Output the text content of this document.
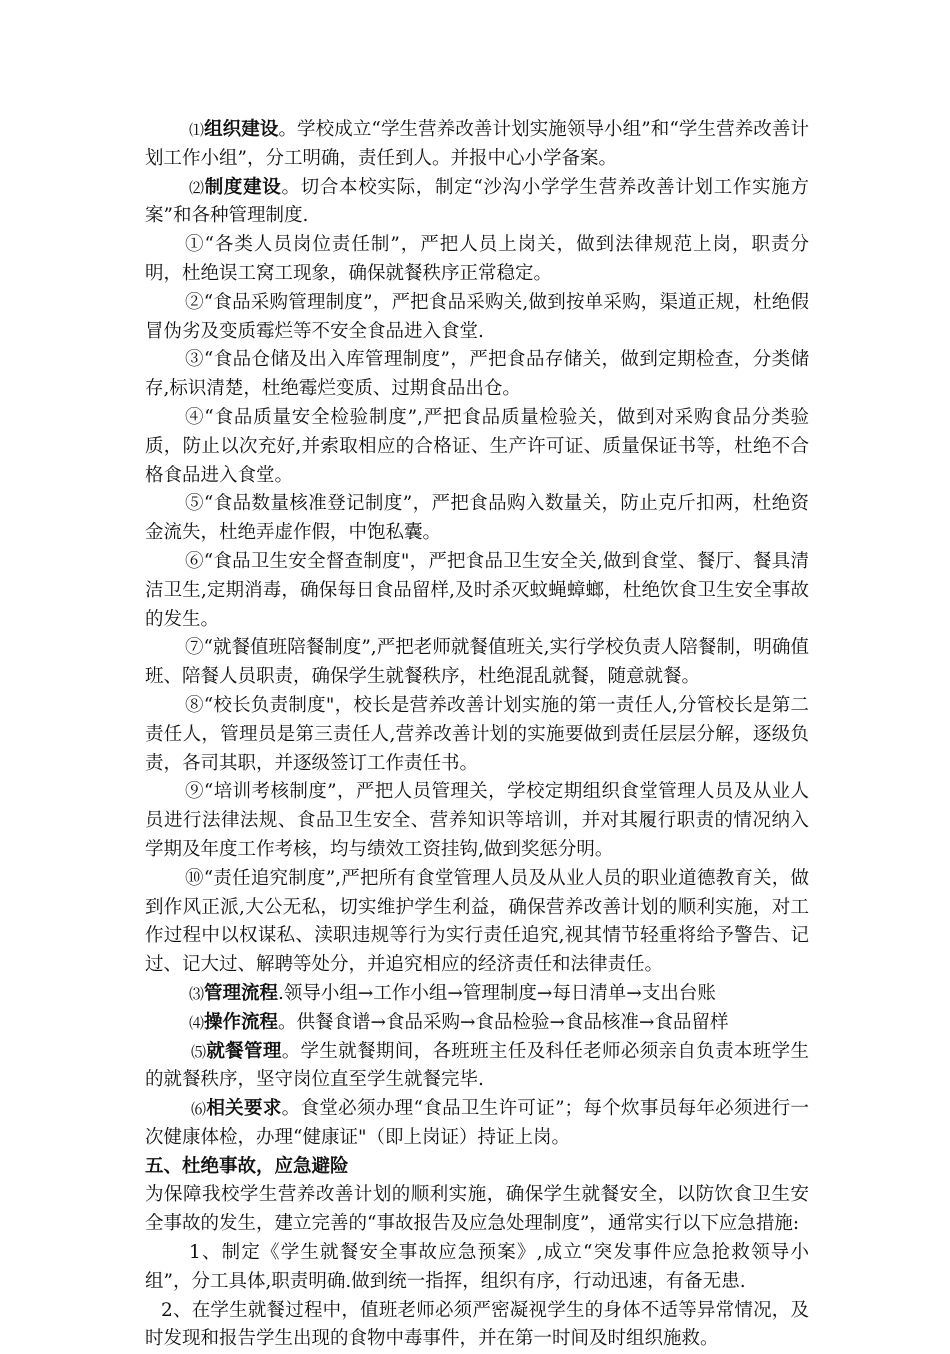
⑴组织建设。学校成立“学生营养改善计划实施领导小组”和“学生营养改善计划工作小组”，分工明确，责任到人。并报中心小学备案。

⑵制度建设。切合本校实际，制定“沙沟小学学生营养改善计划工作实施方案”和各种管理制度.

①“各类人员岗位责任制”，严把人员上岗关，做到法律规范上岗，职责分明，杜绝误工窝工现象，确保就餐秩序正常稳定。

②“食品采购管理制度”，严把食品采购关,做到按单采购，渠道正规，杜绝假冒伪劣及变质霉烂等不安全食品进入食堂.

③“食品仓储及出入库管理制度”，严把食品存储关，做到定期检查，分类储存,标识清楚，杜绝霉烂变质、过期食品出仓。

④“食品质量安全检验制度”,严把食品质量检验关，做到对采购食品分类验质，防止以次充好,并索取相应的合格证、生产许可证、质量保证书等，杜绝不合格食品进入食堂。

⑤“食品数量核准登记制度”，严把食品购入数量关，防止克斤扣两，杜绝资金流失，杜绝弄虚作假，中饱私囊。

⑥“食品卫生安全督查制度"，严把食品卫生安全关,做到食堂、餐厅、餐具清洁卫生,定期消毒，确保每日食品留样,及时杀灭蚊蝇蟑螂，杜绝饮食卫生安全事故的发生。

⑦“就餐值班陪餐制度”,严把老师就餐值班关,实行学校负责人陪餐制，明确值班、陪餐人员职责，确保学生就餐秩序，杜绝混乱就餐，随意就餐。

⑧“校长负责制度"，校长是营养改善计划实施的第一责任人,分管校长是第二责任人，管理员是第三责任人,营养改善计划的实施要做到责任层层分解，逐级负责，各司其职，并逐级签订工作责任书。

⑨“培训考核制度”，严把人员管理关，学校定期组织食堂管理人员及从业人员进行法律法规、食品卫生安全、营养知识等培训，并对其履行职责的情况纳入学期及年度工作考核，均与绩效工资挂钩,做到奖惩分明。

⑩“责任追究制度”,严把所有食堂管理人员及从业人员的职业道德教育关，做到作风正派,大公无私，切实维护学生利益，确保营养改善计划的顺利实施，对工作过程中以权谋私、渎职违规等行为实行责任追究,视其情节轻重将给予警告、记过、记大过、解聘等处分，并追究相应的经济责任和法律责任。

⑶管理流程.领导小组→工作小组→管理制度→每日清单→支出台账

⑷操作流程。供餐食谱→食品采购→食品检验→食品核准→食品留样

⑸就餐管理。学生就餐期间，各班班主任及科任老师必须亲自负责本班学生的就餐秩序，坚守岗位直至学生就餐完毕.

⑹相关要求。食堂必须办理“食品卫生许可证”；每个炊事员每年必须进行一次健康体检，办理“健康证"（即上岗证）持证上岗。

五、杜绝事故，应急避险

为保障我校学生营养改善计划的顺利实施，确保学生就餐安全，以防饮食卫生安全事故的发生，建立完善的“事故报告及应急处理制度”，通常实行以下应急措施:

1、制定《学生就餐安全事故应急预案》,成立“突发事件应急抢救领导小组”，分工具体,职责明确.做到统一指挥，组织有序，行动迅速，有备无患.

2、在学生就餐过程中，值班老师必须严密凝视学生的身体不适等异常情况，及时发现和报告学生出现的食物中毒事件，并在第一时间及时组织施救。
